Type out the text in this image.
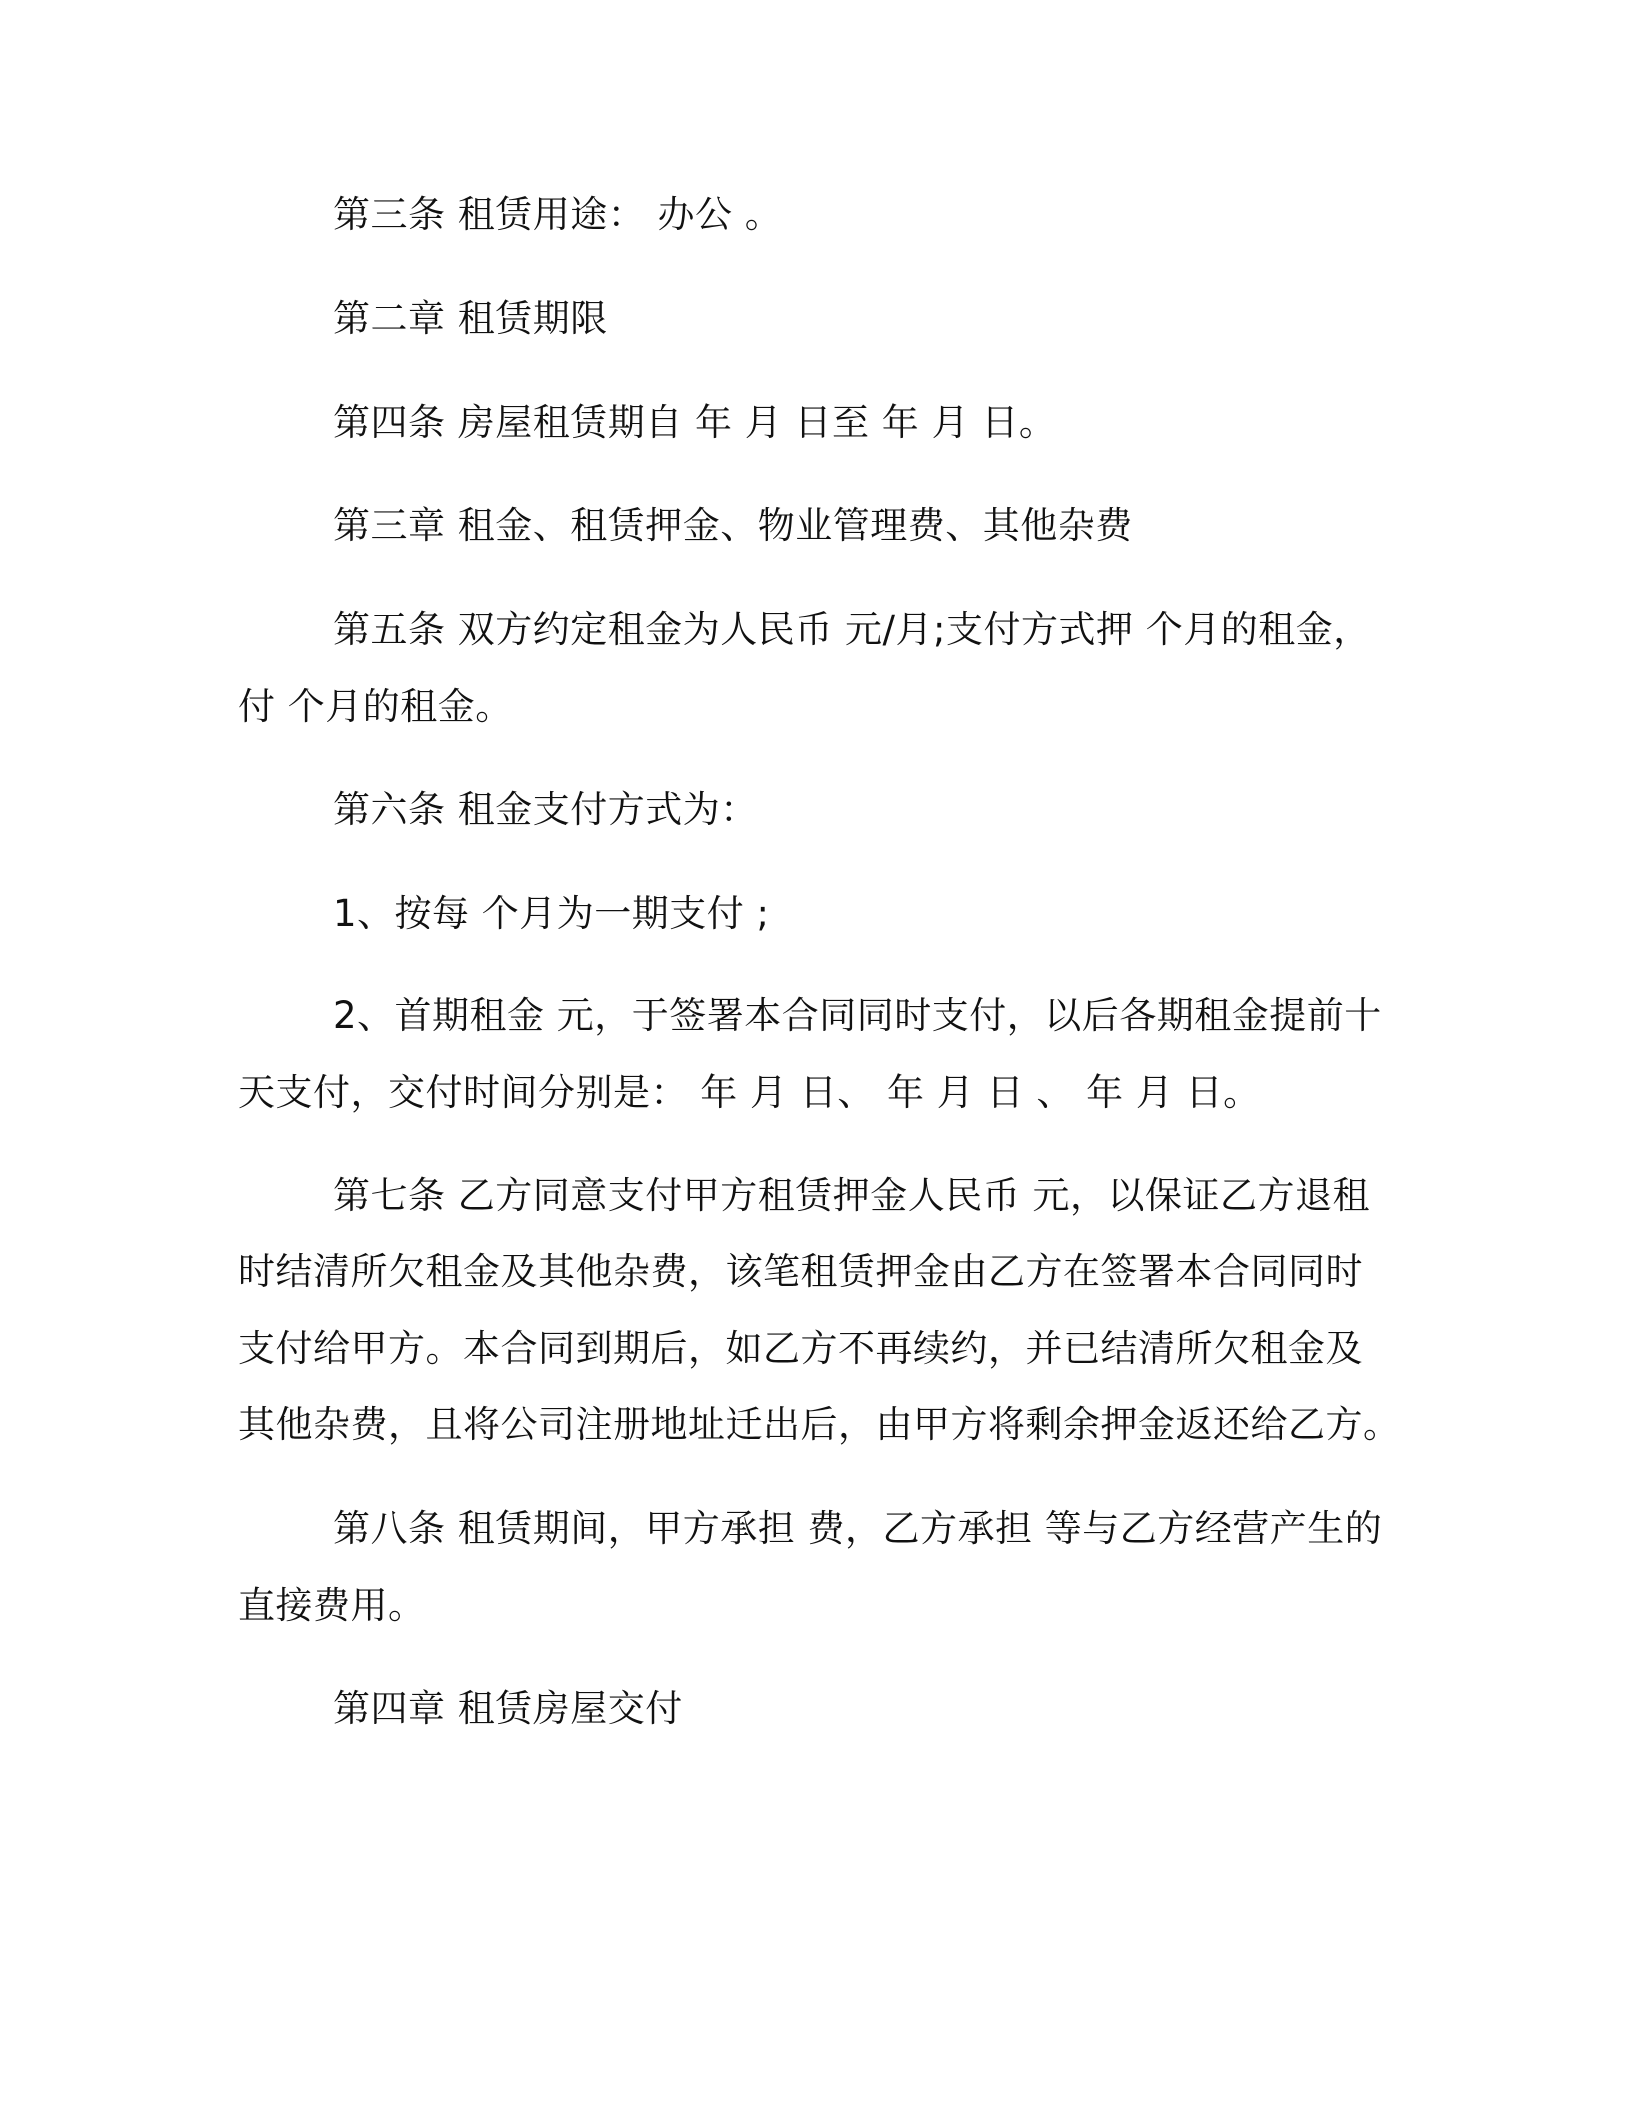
第三条 租赁用途： 办公 。
第二章 租赁期限
第四条 房屋租赁期自 年 月 日至 年 月 日。
第三章 租金、租赁押金、物业管理费、其他杂费
第五条 双方约定租金为人民币 元/月;支付方式押 个月的租金，
付 个月的租金。
第六条 租金支付方式为：
1、按每 个月为一期支付 ;
2、首期租金 元，于签署本合同同时支付，以后各期租金提前十
天支付，交付时间分别是： 年 月 日、 年 月 日 、 年 月 日。
第七条 乙方同意支付甲方租赁押金人民币 元，以保证乙方退租
时结清所欠租金及其他杂费，该笔租赁押金由乙方在签署本合同同时
支付给甲方。本合同到期后，如乙方不再续约，并已结清所欠租金及
其他杂费，且将公司注册地址迁出后，由甲方将剩余押金返还给乙方。
第八条 租赁期间，甲方承担 费，乙方承担 等与乙方经营产生的
直接费用。
第四章 租赁房屋交付
